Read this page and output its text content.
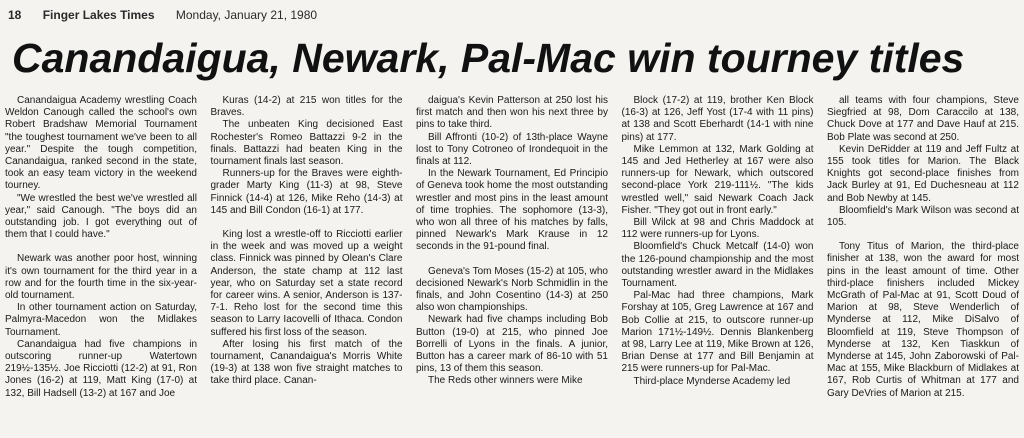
18 Finger Lakes Times Monday, January 21, 1980
Canandaigua, Newark, Pal-Mac win tourney titles

Canandaigua Academy wrestling Coach Weldon Canough called the school's own Robert Bradshaw Memorial Tournament "the toughest tournament we've been to all year." Despite the tough competition, Canandaigua, ranked second in the state, took an easy team victory in the weekend tourney.

"We wrestled the best we've wrestled all year," said Canough. "The boys did an outstanding job. I got everything out of them that I could have."

Newark was another poor host, winning it's own tournament for the third year in a row and for the fourth time in the six-year-old tournament.

In other tournament action on Saturday, Palmyra-Macedon won the Midlakes Tournament.

Canandaigua had five champions in outscoring runner-up Watertown 219½-135½. Joe Ricciotti (12-2) at 91, Ron Jones (16-2) at 119, Matt King (17-0) at 132, Bill Hadsell (13-2) at 167 and Joe

Kuras (14-2) at 215 won titles for the Braves.

The unbeaten King decisioned East Rochester's Romeo Battazzi 9-2 in the finals. Battazzi had beaten King in the tournament finals last season.

Runners-up for the Braves were eighth-grader Marty King (11-3) at 98, Steve Finnick (14-4) at 126, Mike Reho (14-3) at 145 and Bill Condon (16-1) at 177.

King lost a wrestle-off to Ricciotti earlier in the week and was moved up a weight class. Finnick was pinned by Olean's Clare Anderson, the state champ at 112 last year, who on Saturday set a state record for career wins. A senior, Anderson is 137-7-1. Reho lost for the second time this season to Larry Iacovelli of Ithaca. Condon suffered his first loss of the season.

After losing his first match of the tournament, Canandaigua's Morris White (19-3) at 138 won five straight matches to take third place. Canan-

daigua's Kevin Patterson at 250 lost his first match and then won his next three by pins to take third.

Bill Affronti (10-2) of 13th-place Wayne lost to Tony Cotroneo of Irondequoit in the finals at 112.

In the Newark Tournament, Ed Principio of Geneva took home the most outstanding wrestler and most pins in the least amount of time trophies. The sophomore (13-3), who won all three of his matches by falls, pinned Newark's Mark Krause in 12 seconds in the 91-pound final.

Geneva's Tom Moses (15-2) at 105, who decisioned Newark's Norb Schmidlin in the finals, and John Cosentino (14-3) at 250 also won championships.

Newark had five champs including Bob Button (19-0) at 215, who pinned Joe Borrelli of Lyons in the finals. A junior, Button has a career mark of 86-10 with 51 pins, 13 of them this season.

The Reds other winners were Mike

Block (17-2) at 119, brother Ken Block (16-3) at 126, Jeff Yost (17-4 with 11 pins) at 138 and Scott Eberhardt (14-1 with nine pins) at 177.

Mike Lemmon at 132, Mark Golding at 145 and Jed Hetherley at 167 were also runners-up for Newark, which outscored second-place York 219-111½. "The kids wrestled well," said Newark Coach Jack Fisher. "They got out in front early."

Bill Wilck at 98 and Chris Maddock at 112 were runners-up for Lyons.

Bloomfield's Chuck Metcalf (14-0) won the 126-pound championship and the most outstanding wrestler award in the Midlakes Tournament.

Pal-Mac had three champions, Mark Forshay at 105, Greg Lawrence at 167 and Bob Collie at 215, to outscore runner-up Marion 171½-149½. Dennis Blankenberg at 98, Larry Lee at 119, Mike Brown at 126, Brian Dense at 177 and Bill Benjamin at 215 were runners-up for Pal-Mac.

Third-place Mynderse Academy led

all teams with four champions, Steve Siegfried at 98, Dom Caraccilo at 138, Chuck Dove at 177 and Dave Hauf at 215. Bob Plate was second at 250.

Kevin DeRidder at 119 and Jeff Fultz at 155 took titles for Marion. The Black Knights got second-place finishes from Jack Burley at 91, Ed Duchesneau at 112 and Bob Newby at 145.

Bloomfield's Mark Wilson was second at 105.

Tony Titus of Marion, the third-place finisher at 138, won the award for most pins in the least amount of time. Other third-place finishers included Mickey McGrath of Pal-Mac at 91, Scott Doud of Marion at 98, Steve Wenderlich of Mynderse at 112, Mike DiSalvo of Bloomfield at 119, Steve Thompson of Mynderse at 132, Ken Tiaskkun of Mynderse at 145, John Zaborowski of Pal-Mac at 155, Mike Blackburn of Midlakes at 167, Rob Curtis of Whitman at 177 and Gary DeVries of Marion at 215.
